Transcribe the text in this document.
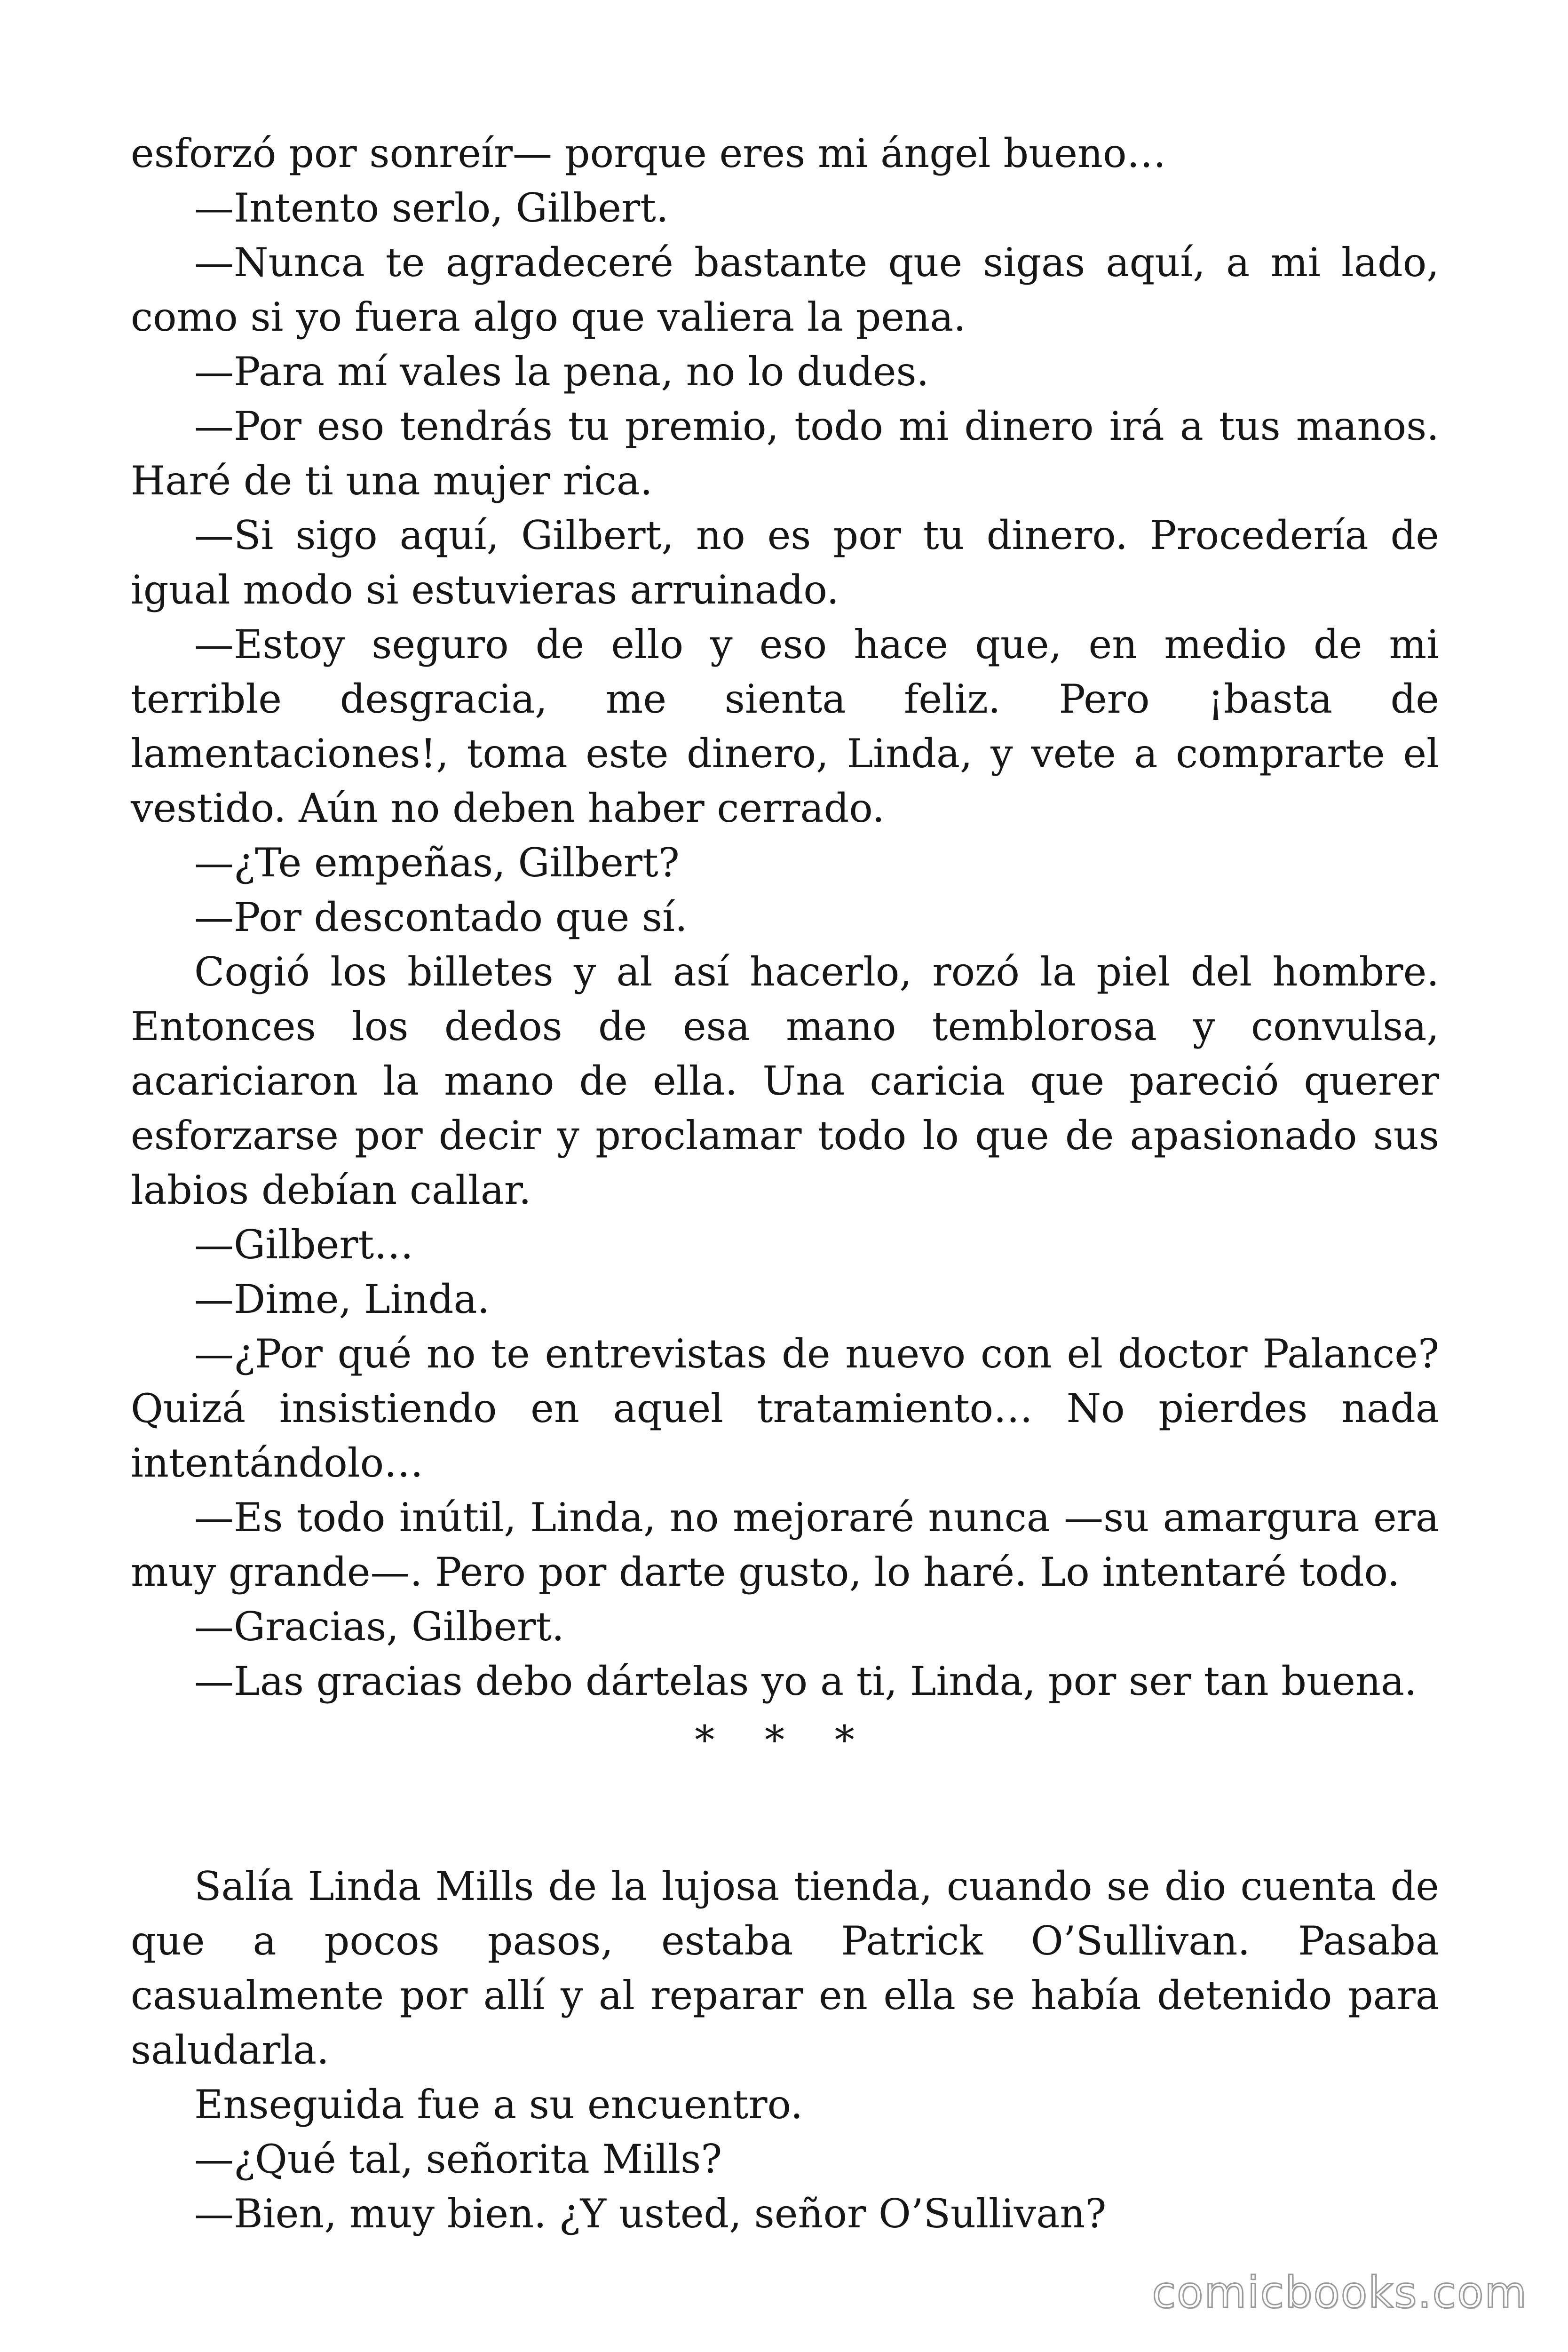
esforzó por sonreír— porque eres mi ángel bueno…

—Intento serlo, Gilbert.

—Nunca te agradeceré bastante que sigas aquí, a mi lado, como si yo fuera algo que valiera la pena.

—Para mí vales la pena, no lo dudes.

—Por eso tendrás tu premio, todo mi dinero irá a tus manos. Haré de ti una mujer rica.

—Si sigo aquí, Gilbert, no es por tu dinero. Procedería de igual modo si estuvieras arruinado.

—Estoy seguro de ello y eso hace que, en medio de mi terrible desgracia, me sienta feliz. Pero ¡basta de lamentaciones!, toma este dinero, Linda, y vete a comprarte el vestido. Aún no deben haber cerrado.

—¿Te empeñas, Gilbert?

—Por descontado que sí.

Cogió los billetes y al así hacerlo, rozó la piel del hombre. Entonces los dedos de esa mano temblorosa y convulsa, acariciaron la mano de ella. Una caricia que pareció querer esforzarse por decir y proclamar todo lo que de apasionado sus labios debían callar.

—Gilbert…

—Dime, Linda.

—¿Por qué no te entrevistas de nuevo con el doctor Palance? Quizá insistiendo en aquel tratamiento… No pierdes nada intentándolo…

—Es todo inútil, Linda, no mejoraré nunca —su amargura era muy grande—. Pero por darte gusto, lo haré. Lo intentaré todo.

—Gracias, Gilbert.

—Las gracias debo dártelas yo a ti, Linda, por ser tan buena.

* * *

Salía Linda Mills de la lujosa tienda, cuando se dio cuenta de que a pocos pasos, estaba Patrick O’Sullivan. Pasaba casualmente por allí y al reparar en ella se había detenido para saludarla.

Enseguida fue a su encuentro.

—¿Qué tal, señorita Mills?

—Bien, muy bien. ¿Y usted, señor O’Sullivan?

comicbooks.com
